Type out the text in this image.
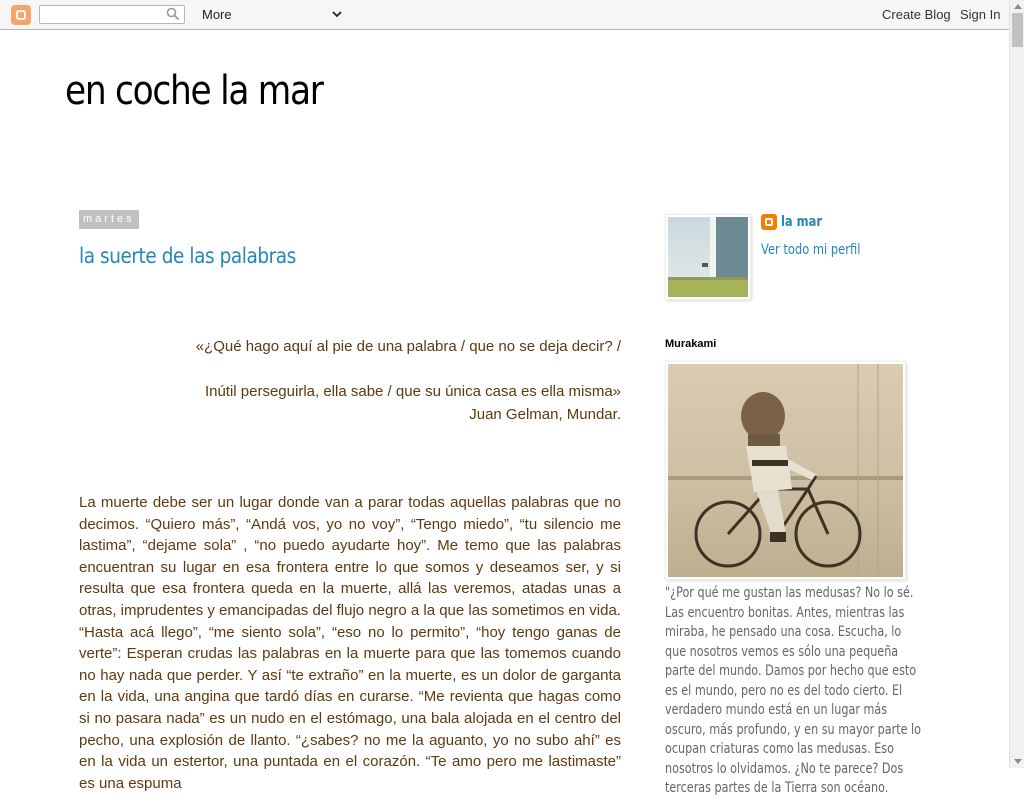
More	Create Blog Sign In
en coche la mar
martes
la suerte de las palabras
«¿Qué hago aquí al pie de una palabra / que no se deja decir? /
Inútil perseguirla, ella sabe / que su única casa es ella misma»
Juan Gelman, Mundar.

La muerte debe ser un lugar donde van a parar todas aquellas palabras que no decimos. “Quiero más”, “Andá vos, yo no voy”, “Tengo miedo”, “tu silencio me lastima”, “dejame sola” , “no puedo ayudarte hoy”. Me temo que las palabras encuentran su lugar en esa frontera entre lo que somos y deseamos ser, y si resulta que esa frontera queda en la muerte, allá las veremos, atadas unas a otras, imprudentes y emancipadas del flujo negro a la que las sometimos en vida.

“Hasta acá llego”, “me siento sola”, “eso no lo permito”, “hoy tengo ganas de verte”: Esperan crudas las palabras en la muerte para que las tomemos cuando no hay nada que perder. Y así “te extraño” en la muerte, es un dolor de garganta en la vida, una angina que tardó días en curarse. “Me revienta que hagas como si no pasara nada” es un nudo en el estómago, una bala alojada en el centro del pecho, una explosión de llanto. “¿sabes? no me la aguanto, yo no subo ahí” es en la vida un estertor, una puntada en el corazón. “Te amo pero me lastimaste” es una espuma

la mar
Ver todo mi perfil
Murakami
"¿Por qué me gustan las medusas? No lo sé. Las encuentro bonitas. Antes, mientras las miraba, he pensado una cosa. Escucha, lo que nosotros vemos es sólo una pequeña parte del mundo. Damos por hecho que esto es el mundo, pero no es del todo cierto. El verdadero mundo está en un lugar más oscuro, más profundo, y en su mayor parte lo ocupan criaturas como las medusas. Eso nosotros lo olvidamos. ¿No te parece? Dos terceras partes de la Tierra son océano.
